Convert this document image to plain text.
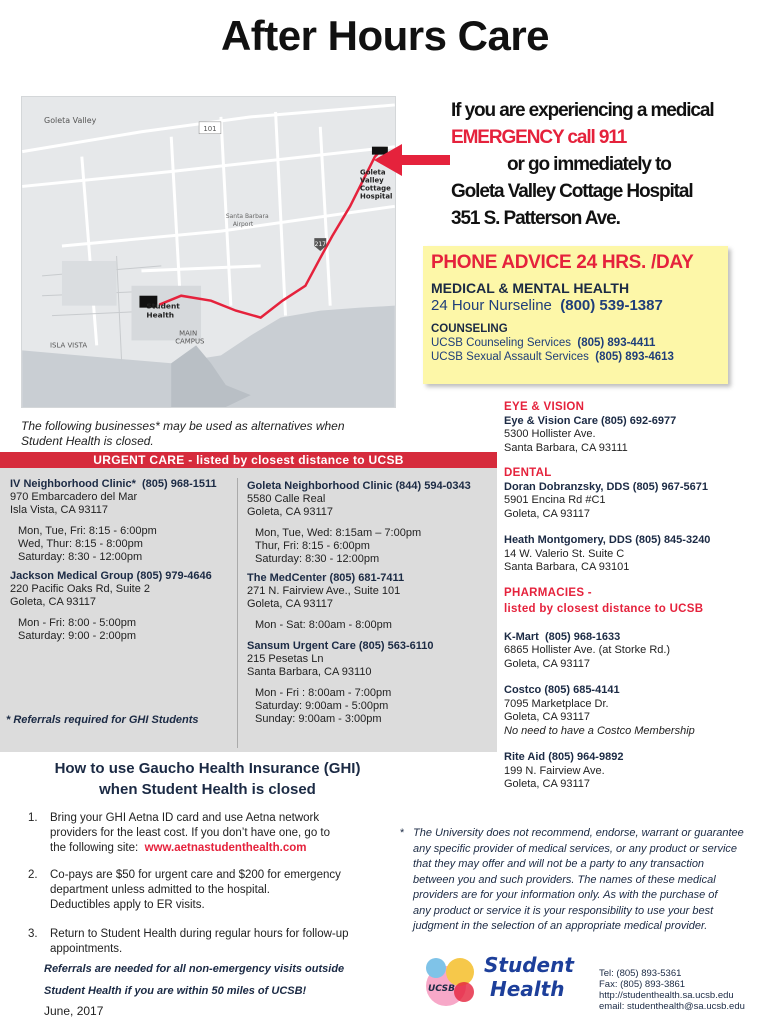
After Hours Care
101
217
Goleta Valley
Goleta
Valley
Cottage
Hospital
Student
Health
MAIN
CAMPUS
ISLA VISTA
Santa Barbara
Airport
If you are experiencing a medical
EMERGENCY call 911
or go immediately to
Goleta Valley Cottage Hospital
351 S. Patterson Ave.
PHONE ADVICE 24 HRS. /DAY
MEDICAL & MENTAL HEALTH
24 Hour Nurseline (800) 539-1387
COUNSELING
UCSB Counseling Services (805) 893-4411
UCSB Sexual Assault Services (805) 893-4613
The following businesses* may be used as alternatives when Student Health is closed.
URGENT CARE - listed by closest distance to UCSB
IV Neighborhood Clinic* (805) 968-1511
970 Embarcadero del Mar
Isla Vista, CA 93117
Mon, Tue, Fri: 8:15 - 6:00pm
Wed, Thur: 8:15 - 8:00pm
Saturday: 8:30 - 12:00pm
Jackson Medical Group (805) 979-4646
220 Pacific Oaks Rd, Suite 2
Goleta, CA 93117
Mon - Fri: 8:00 - 5:00pm
Saturday: 9:00 - 2:00pm
Goleta Neighborhood Clinic (844) 594-0343
5580 Calle Real
Goleta, CA 93117
Mon, Tue, Wed: 8:15am – 7:00pm
Thur, Fri: 8:15 - 6:00pm
Saturday: 8:30 - 12:00pm
The MedCenter (805) 681-7411
271 N. Fairview Ave., Suite 101
Goleta, CA 93117
Mon - Sat: 8:00am - 8:00pm
Sansum Urgent Care (805) 563-6110
215 Pesetas Ln
Santa Barbara, CA 93110
Mon - Fri : 8:00am - 7:00pm
Saturday: 9:00am - 5:00pm
Sunday: 9:00am - 3:00pm
* Referrals required for GHI Students
EYE & VISION
Eye & Vision Care (805) 692-6977
5300 Hollister Ave.
Santa Barbara, CA 93111
DENTAL
Doran Dobranzsky, DDS (805) 967-5671
5901 Encina Rd #C1
Goleta, CA 93117
Heath Montgomery, DDS (805) 845-3240
14 W. Valerio St. Suite C
Santa Barbara, CA 93101
PHARMACIES -
listed by closest distance to UCSB
K-Mart (805) 968-1633
6865 Hollister Ave. (at Storke Rd.)
Goleta, CA 93117
Costco (805) 685-4141
7095 Marketplace Dr.
Goleta, CA 93117
No need to have a Costco Membership
Rite Aid (805) 964-9892
199 N. Fairview Ave.
Goleta, CA 93117
How to use Gaucho Health Insurance (GHI)
when Student Health is closed
1. Bring your GHI Aetna ID card and use Aetna network
providers for the least cost. If you don’t have one, go to
the following site: www.aetnastudenthealth.com
2. Co-pays are $50 for urgent care and $200 for emergency
department unless admitted to the hospital.
Deductibles apply to ER visits.
3. Return to Student Health during regular hours for follow-up
appointments.
Referrals are needed for all non-emergency visits outside
Student Health if you are within 50 miles of UCSB!
June, 2017
* The University does not recommend, endorse, warrant or guarantee
any specific provider of medical services, or any product or service
that they may offer and will not be a party to any transaction
between you and such providers. The names of these medical
providers are for your information only. As with the purchase of
any product or service it is your responsibility to use your best
judgment in the selection of an appropriate medical provider.
UCSB
Student
Health
Tel: (805) 893-5361
Fax: (805) 893-3861
http://studenthealth.sa.ucsb.edu
email: studenthealth@sa.ucsb.edu
